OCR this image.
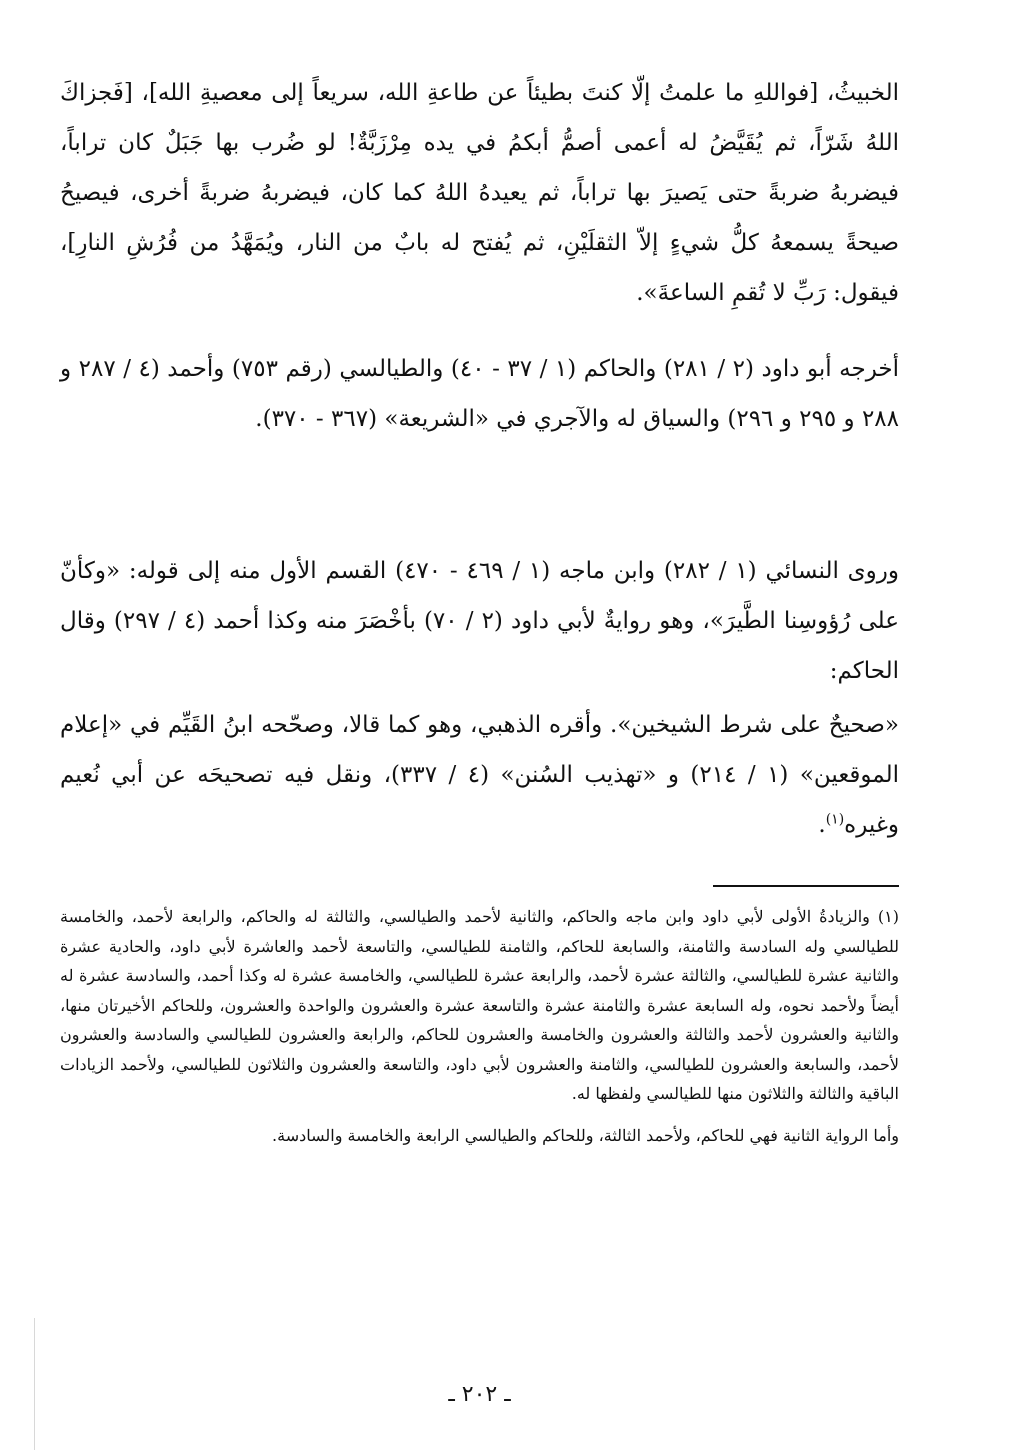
الخبيثُ، [فواللهِ ما علمتُ إلّا كنتَ بطيئاً عن طاعةِ الله، سريعاً إلى معصيةِ الله]، [فَجزاكَ اللهُ شَرّاً، ثم يُقَيَّضُ له أعمى أصمُّ أبكمُ في يده مِرْزَبَّةٌ! لو ضُرب بها جَبَلٌ كان تراباً، فيضربهُ ضربةً حتى يَصيرَ بها تراباً، ثم يعيدهُ اللهُ كما كان، فيضربهُ ضربةً أخرى، فيصيحُ صيحةً يسمعهُ كلُّ شيءٍ إلاّ الثقلَيْنِ، ثم يُفتح له بابٌ من النار، ويُمَهَّدُ من فُرُشِ النارِ]، فيقول: رَبِّ لا تُقمِ الساعةَ».

أخرجه أبو داود (٢ / ٢٨١) والحاكم (١ / ٣٧ - ٤٠) والطيالسي (رقم ٧٥٣) وأحمد (٤ / ٢٨٧ و ٢٨٨ و ٢٩٥ و ٢٩٦) والسياق له والآجري في «الشريعة» (٣٦٧ - ٣٧٠).

وروى النسائي (١ / ٢٨٢) وابن ماجه (١ / ٤٦٩ - ٤٧٠) القسم الأول منه إلى قوله: «وكأنّ على رُؤوسِنا الطَّيرَ»، وهو روايةٌ لأبي داود (٢ / ٧٠) بأخْصَرَ منه وكذا أحمد (٤ / ٢٩٧) وقال الحاكم:

«صحيحٌ على شرط الشيخين». وأقره الذهبي، وهو كما قالا، وصحّحه ابنُ القَيِّم في «إعلام الموقعين» (١ / ٢١٤) و «تهذيب السُنن» (٤ / ٣٣٧)، ونقل فيه تصحيحَه عن أبي نُعيم وغيره$^{(١)}$.

(١) والزيادةُ الأولى لأبي داود وابن ماجه والحاكم، والثانية لأحمد والطيالسي، والثالثة له والحاكم، والرابعة لأحمد، والخامسة للطيالسي وله السادسة والثامنة، والسابعة للحاكم، والثامنة للطيالسي، والتاسعة لأحمد والعاشرة لأبي داود، والحادية عشرة والثانية عشرة للطيالسي، والثالثة عشرة لأحمد، والرابعة عشرة للطيالسي، والخامسة عشرة له وكذا أحمد، والسادسة عشرة له أيضاً ولأحمد نحوه، وله السابعة عشرة والثامنة عشرة والتاسعة عشرة والعشرون والواحدة والعشرون، وللحاكم الأخيرتان منها، والثانية والعشرون لأحمد والثالثة والعشرون والخامسة والعشرون للحاكم، والرابعة والعشرون للطيالسي والسادسة والعشرون لأحمد، والسابعة والعشرون للطيالسي، والثامنة والعشرون لأبي داود، والتاسعة والعشرون والثلاثون للطيالسي، ولأحمد الزيادات الباقية والثالثة والثلاثون منها للطيالسي ولفظها له.

وأما الرواية الثانية فهي للحاكم، ولأحمد الثالثة، وللحاكم والطيالسي الرابعة والخامسة والسادسة.

ـ ٢٠٢ ـ
